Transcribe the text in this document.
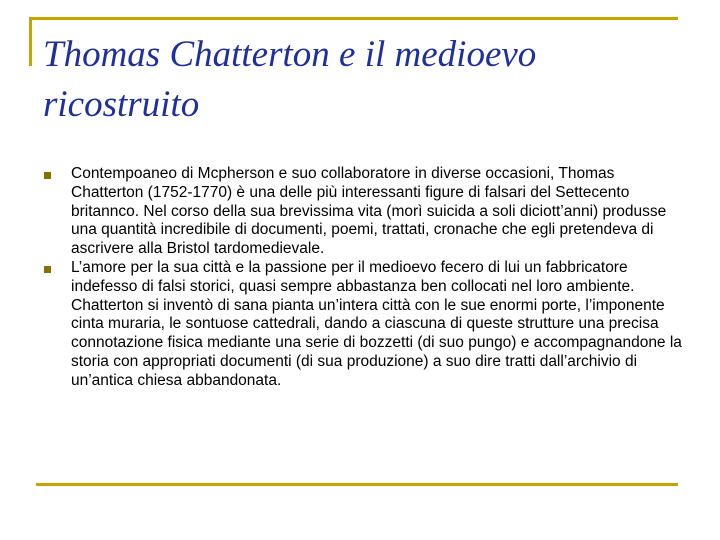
Thomas Chatterton e il medioevo ricostruito
Contempoaneo di Mcpherson e suo collaboratore in diverse occasioni, Thomas Chatterton (1752-1770) è una delle più interessanti figure di falsari del Settecento britannco. Nel corso della sua brevissima vita (morì suicida a soli diciott’anni) produsse una quantità incredibile di documenti, poemi, trattati, cronache che egli pretendeva di ascrivere alla Bristol tardomedievale.
L’amore per la sua città e la passione per il medioevo fecero di lui un fabbricatore indefesso di falsi storici, quasi sempre abbastanza ben collocati nel loro ambiente. Chatterton si inventò di sana pianta un’intera città con le sue enormi porte, l’imponente cinta muraria, le sontuose cattedrali, dando a ciascuna di queste strutture una precisa connotazione fisica mediante una serie di bozzetti (di suo pungo) e accompagnandone la storia con appropriati documenti (di sua produzione) a suo dire tratti dall’archivio di un’antica chiesa abbandonata.
